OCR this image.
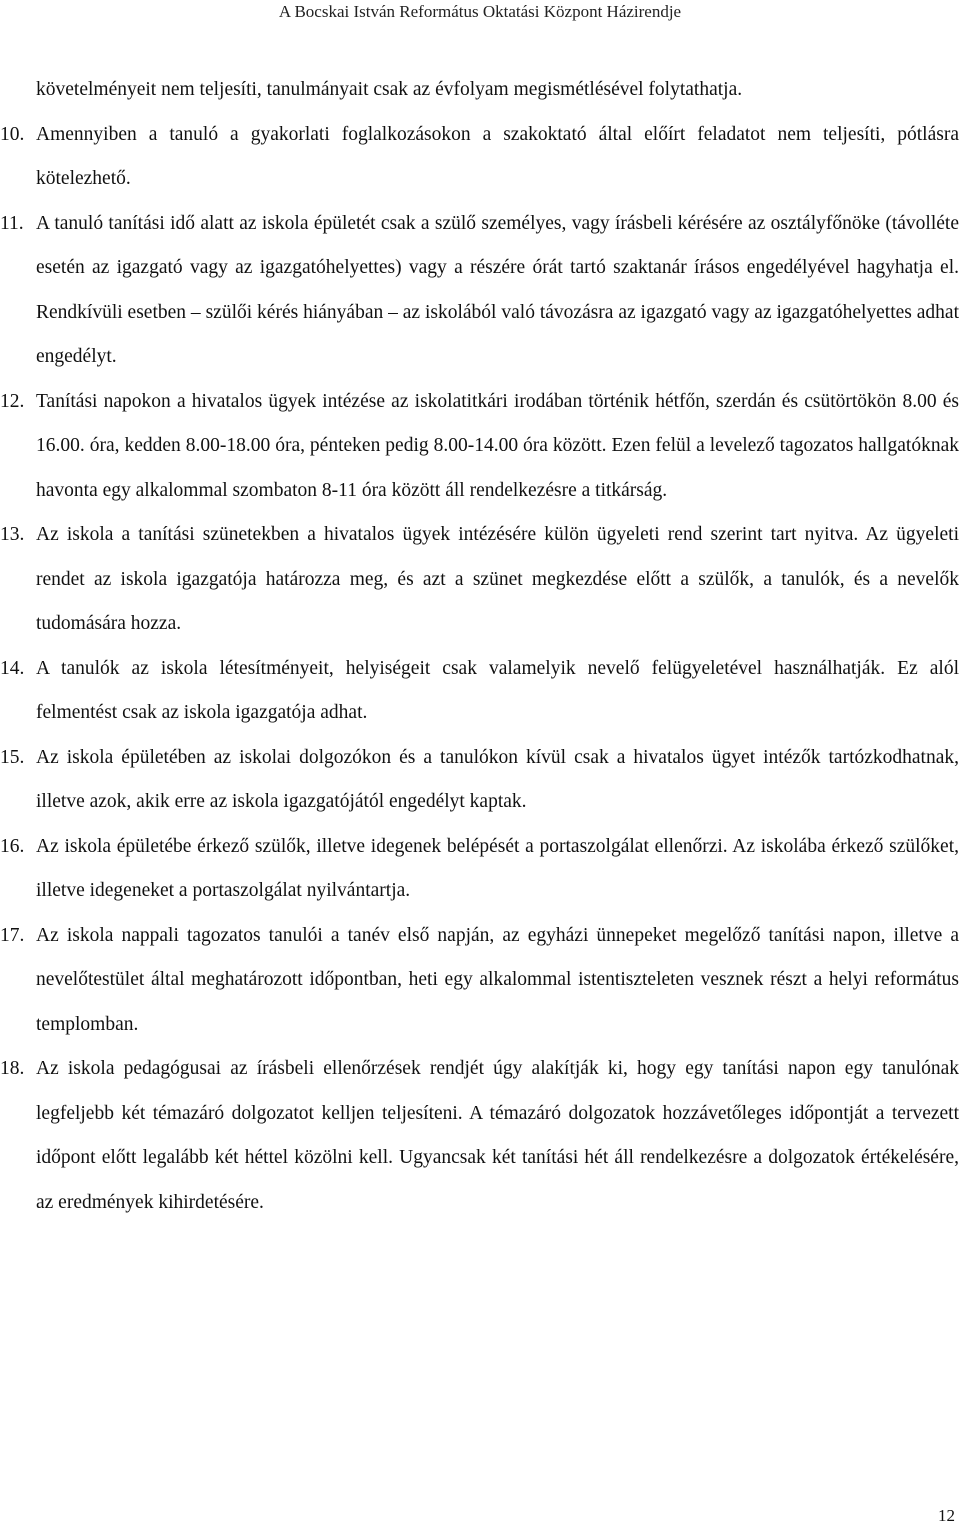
A Bocskai István Református Oktatási Központ Házirendje

követelményeit nem teljesíti, tanulmányait csak az évfolyam megismétlésével folytathatja.

10. Amennyiben a tanuló a gyakorlati foglalkozásokon a szakoktató által előírt feladatot nem teljesíti, pótlásra kötelezhető.
11. A tanuló tanítási idő alatt az iskola épületét csak a szülő személyes, vagy írásbeli kérésére az osztályfőnöke (távolléte esetén az igazgató vagy az igazgatóhelyettes) vagy a részére órát tartó szaktanár írásos engedélyével hagyhatja el. Rendkívüli esetben – szülői kérés hiányában – az iskolából való távozásra az igazgató vagy az igazgatóhelyettes adhat engedélyt.
12. Tanítási napokon a hivatalos ügyek intézése az iskolatitkári irodában történik hétfőn, szerdán és csütörtökön 8.00 és 16.00. óra, kedden 8.00-18.00 óra, pénteken pedig 8.00-14.00 óra között. Ezen felül a levelező tagozatos hallgatóknak havonta egy alkalommal szombaton 8-11 óra között áll rendelkezésre a titkárság.
13. Az iskola a tanítási szünetekben a hivatalos ügyek intézésére külön ügyeleti rend szerint tart nyitva. Az ügyeleti rendet az iskola igazgatója határozza meg, és azt a szünet megkezdése előtt a szülők, a tanulók, és a nevelők tudomására hozza.
14. A tanulók az iskola létesítményeit, helyiségeit csak valamelyik nevelő felügyeletével használhatják. Ez alól felmentést csak az iskola igazgatója adhat.
15. Az iskola épületében az iskolai dolgozókon és a tanulókon kívül csak a hivatalos ügyet intézők tartózkodhatnak, illetve azok, akik erre az iskola igazgatójától engedélyt kaptak.
16. Az iskola épületébe érkező szülők, illetve idegenek belépését a portaszolgálat ellenőrzi. Az iskolába érkező szülőket, illetve idegeneket a portaszolgálat nyilvántartja.
17. Az iskola nappali tagozatos tanulói a tanév első napján, az egyházi ünnepeket megelőző tanítási napon, illetve a nevelőtestület által meghatározott időpontban, heti egy alkalommal istentiszteleten vesznek részt a helyi református templomban.
18. Az iskola pedagógusai az írásbeli ellenőrzések rendjét úgy alakítják ki, hogy egy tanítási napon egy tanulónak legfeljebb két témazáró dolgozatot kelljen teljesíteni. A témazáró dolgozatok hozzávetőleges időpontját a tervezett időpont előtt legalább két héttel közölni kell. Ugyancsak két tanítási hét áll rendelkezésre a dolgozatok értékelésére, az eredmények kihirdetésére.
12
